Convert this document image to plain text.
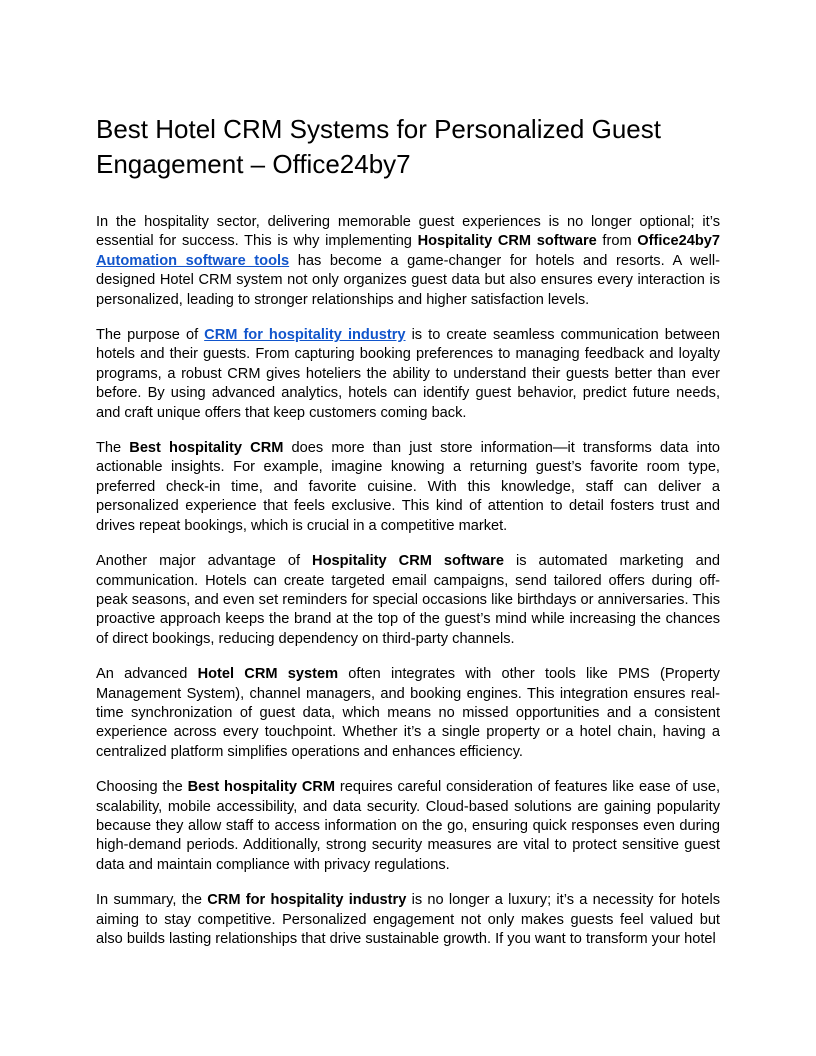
Best Hotel CRM Systems for Personalized Guest Engagement – Office24by7

In the hospitality sector, delivering memorable guest experiences is no longer optional; it’s essential for success. This is why implementing Hospitality CRM software from Office24by7 Automation software tools has become a game-changer for hotels and resorts. A well-designed Hotel CRM system not only organizes guest data but also ensures every interaction is personalized, leading to stronger relationships and higher satisfaction levels.

The purpose of CRM for hospitality industry is to create seamless communication between hotels and their guests. From capturing booking preferences to managing feedback and loyalty programs, a robust CRM gives hoteliers the ability to understand their guests better than ever before. By using advanced analytics, hotels can identify guest behavior, predict future needs, and craft unique offers that keep customers coming back.

The Best hospitality CRM does more than just store information—it transforms data into actionable insights. For example, imagine knowing a returning guest’s favorite room type, preferred check-in time, and favorite cuisine. With this knowledge, staff can deliver a personalized experience that feels exclusive. This kind of attention to detail fosters trust and drives repeat bookings, which is crucial in a competitive market.

Another major advantage of Hospitality CRM software is automated marketing and communication. Hotels can create targeted email campaigns, send tailored offers during off-peak seasons, and even set reminders for special occasions like birthdays or anniversaries. This proactive approach keeps the brand at the top of the guest’s mind while increasing the chances of direct bookings, reducing dependency on third-party channels.

An advanced Hotel CRM system often integrates with other tools like PMS (Property Management System), channel managers, and booking engines. This integration ensures real-time synchronization of guest data, which means no missed opportunities and a consistent experience across every touchpoint. Whether it’s a single property or a hotel chain, having a centralized platform simplifies operations and enhances efficiency.

Choosing the Best hospitality CRM requires careful consideration of features like ease of use, scalability, mobile accessibility, and data security. Cloud-based solutions are gaining popularity because they allow staff to access information on the go, ensuring quick responses even during high-demand periods. Additionally, strong security measures are vital to protect sensitive guest data and maintain compliance with privacy regulations.

In summary, the CRM for hospitality industry is no longer a luxury; it’s a necessity for hotels aiming to stay competitive. Personalized engagement not only makes guests feel valued but also builds lasting relationships that drive sustainable growth. If you want to transform your hotel
